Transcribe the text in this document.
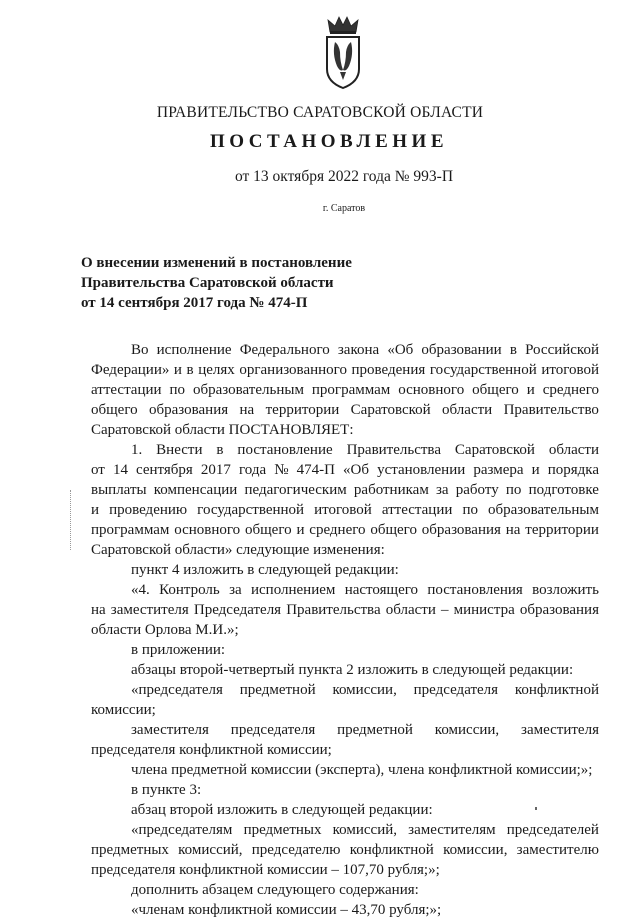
ПРАВИТЕЛЬСТВО САРАТОВСКОЙ ОБЛАСТИ
ПОСТАНОВЛЕНИЕ
от 13 октября 2022 года № 993-П
г. Саратов
О внесении изменений в постановление
Правительства Саратовской области
от 14 сентября 2017 года № 474-П
Во исполнение Федерального закона «Об образовании в Российской
Федерации» и в целях организованного проведения государственной итоговой
аттестации по образовательным программам основного общего и среднего
общего образования на территории Саратовской области Правительство
Саратовской области ПОСТАНОВЛЯЕТ:
1. Внести в постановление Правительства Саратовской области
от 14 сентября 2017 года № 474-П «Об установлении размера и порядка
выплаты компенсации педагогическим работникам за работу по подготовке
и проведению государственной итоговой аттестации по образовательным
программам основного общего и среднего общего образования на территории
Саратовской области» следующие изменения:
пункт 4 изложить в следующей редакции:
«4. Контроль за исполнением настоящего постановления возложить
на заместителя Председателя Правительства области – министра образования
области Орлова М.И.»;
в приложении:
абзацы второй-четвертый пункта 2 изложить в следующей редакции:
«председателя предметной комиссии, председателя конфликтной
комиссии;
заместителя председателя предметной комиссии, заместителя
председателя конфликтной комиссии;
члена предметной комиссии (эксперта), члена конфликтной комиссии;»;
в пункте 3:
абзац второй изложить в следующей редакции:
«председателям предметных комиссий, заместителям председателей
предметных комиссий, председателю конфликтной комиссии, заместителю
председателя конфликтной комиссии – 107,70 рубля;»;
дополнить абзацем следующего содержания:
«членам конфликтной комиссии – 43,70 рубля;»;
